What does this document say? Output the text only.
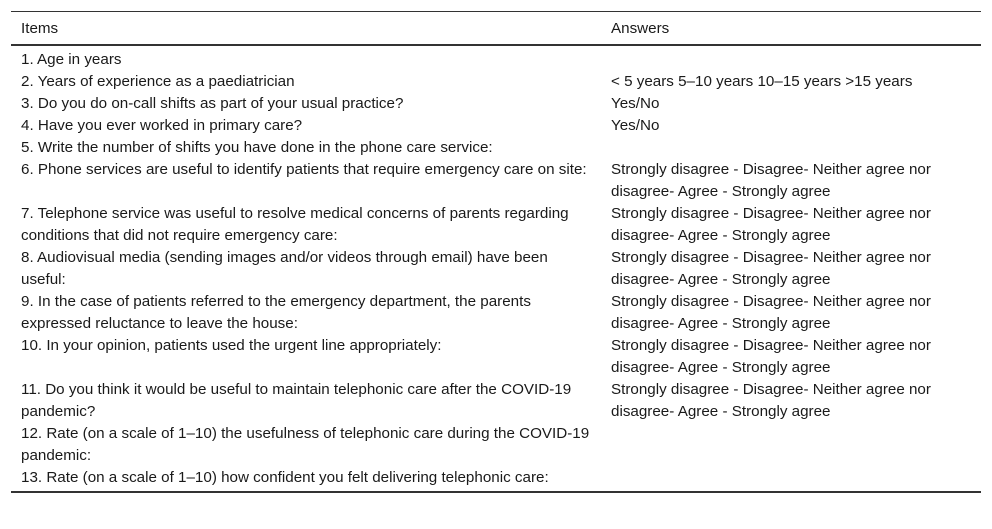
Items	Answers
1. Age in years	
2. Years of experience as a paediatrician	< 5 years 5–10 years 10–15 years >15 years
3. Do you do on-call shifts as part of your usual practice?	Yes/No
4. Have you ever worked in primary care?	Yes/No
5. Write the number of shifts you have done in the phone care service:	
6. Phone services are useful to identify patients that require emergency care on site:	Strongly disagree - Disagree- Neither agree nor disagree- Agree - Strongly agree
7. Telephone service was useful to resolve medical concerns of parents regarding conditions that did not require emergency care:	Strongly disagree - Disagree- Neither agree nor disagree- Agree - Strongly agree
8. Audiovisual media (sending images and/or videos through email) have been useful:	Strongly disagree - Disagree- Neither agree nor disagree- Agree - Strongly agree
9. In the case of patients referred to the emergency department, the parents expressed reluctance to leave the house:	Strongly disagree - Disagree- Neither agree nor disagree- Agree - Strongly agree
10. In your opinion, patients used the urgent line appropriately:	Strongly disagree - Disagree- Neither agree nor disagree- Agree - Strongly agree
11. Do you think it would be useful to maintain telephonic care after the COVID-19 pandemic?	Strongly disagree - Disagree- Neither agree nor disagree- Agree - Strongly agree
12. Rate (on a scale of 1–10) the usefulness of telephonic care during the COVID-19 pandemic:	
13. Rate (on a scale of 1–10) how confident you felt delivering telephonic care:	
